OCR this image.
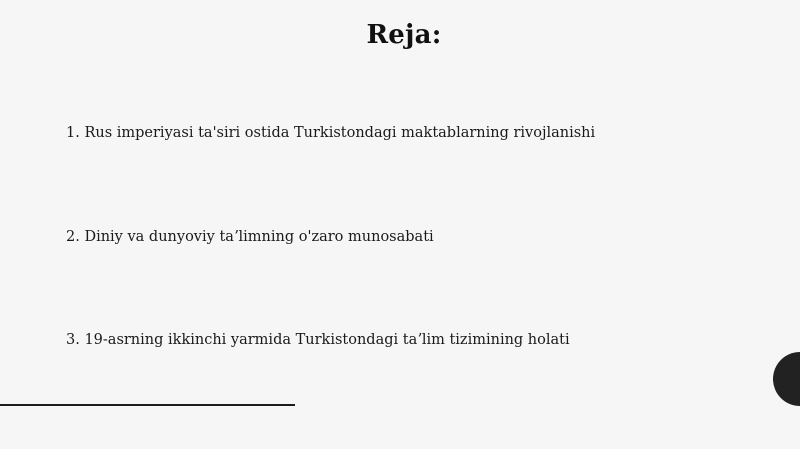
Reja:

1. Rus imperiyasi ta'siri ostida Turkistondagi maktablarning rivojlanishi

2. Diniy va dunyoviy taʼlimning o'zaro munosabati

3. 19-asrning ikkinchi yarmida Turkistondagi taʼlim tizimining holati
